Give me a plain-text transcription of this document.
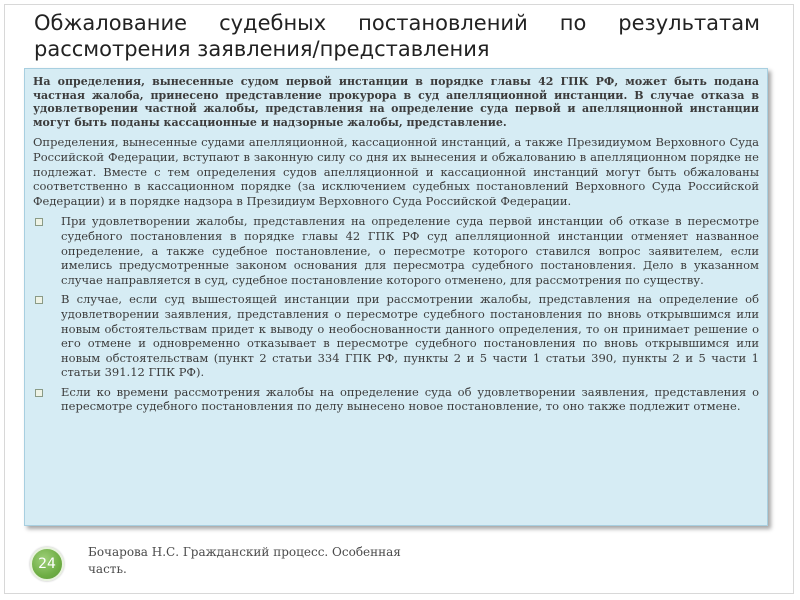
Обжалование судебных постановлений по результатам рассмотрения заявления/представления

На определения, вынесенные судом первой инстанции в порядке главы 42 ГПК РФ, может быть подана частная жалоба, принесено представление прокурора в суд апелляционной инстанции. В случае отказа в удовлетворении частной жалобы, представления на определение суда первой и апелляционной инстанции могут быть поданы кассационные и надзорные жалобы, представление.

Определения, вынесенные судами апелляционной, кассационной инстанций, а также Президиумом Верховного Суда Российской Федерации, вступают в законную силу со дня их вынесения и обжалованию в апелляционном порядке не подлежат. Вместе с тем определения судов апелляционной и кассационной инстанций могут быть обжалованы соответственно в кассационном порядке (за исключением судебных постановлений Верховного Суда Российской Федерации) и в порядке надзора в Президиум Верховного Суда Российской Федерации.

При удовлетворении жалобы, представления на определение суда первой инстанции об отказе в пересмотре судебного постановления в порядке главы 42 ГПК РФ суд апелляционной инстанции отменяет названное определение, а также судебное постановление, о пересмотре которого ставился вопрос заявителем, если имелись предусмотренные законом основания для пересмотра судебного постановления. Дело в указанном случае направляется в суд, судебное постановление которого отменено, для рассмотрения по существу.
В случае, если суд вышестоящей инстанции при рассмотрении жалобы, представления на определение об удовлетворении заявления, представления о пересмотре судебного постановления по вновь открывшимся или новым обстоятельствам придет к выводу о необоснованности данного определения, то он принимает решение о его отмене и одновременно отказывает в пересмотре судебного постановления по вновь открывшимся или новым обстоятельствам (пункт 2 статьи 334 ГПК РФ, пункты 2 и 5 части 1 статьи 390, пункты 2 и 5 части 1 статьи 391.12 ГПК РФ).
Если ко времени рассмотрения жалобы на определение суда об удовлетворении заявления, представления о пересмотре судебного постановления по делу вынесено новое постановление, то оно также подлежит отмене.
24
Бочарова Н.С. Гражданский процесс. Особенная часть.
